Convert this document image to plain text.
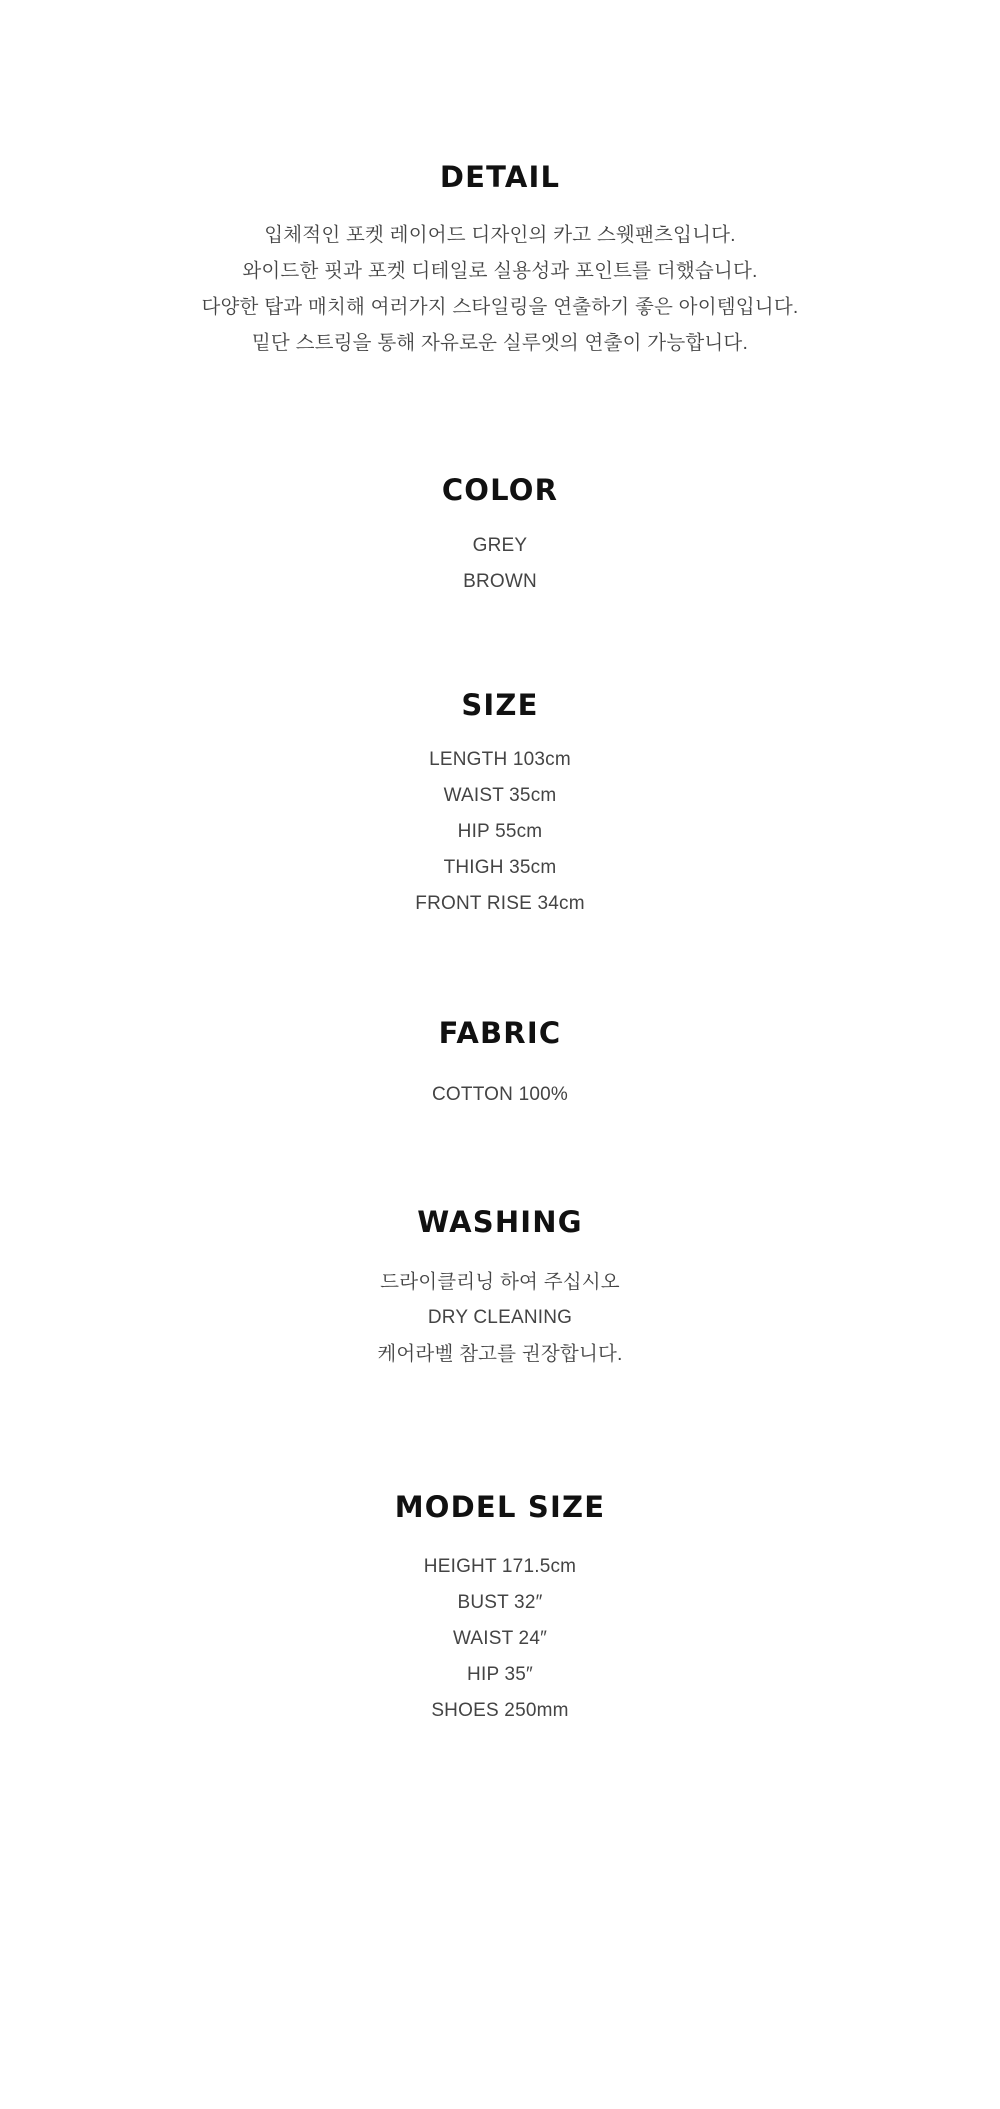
DETAIL
입체적인 포켓 레이어드 디자인의 카고 스웻팬츠입니다.
와이드한 핏과 포켓 디테일로 실용성과 포인트를 더했습니다.
다양한 탑과 매치해 여러가지 스타일링을 연출하기 좋은 아이템입니다.
밑단 스트링을 통해 자유로운 실루엣의 연출이 가능합니다.
COLOR
GREY
BROWN
SIZE
LENGTH 103cm
WAIST 35cm
HIP 55cm
THIGH 35cm
FRONT RISE 34cm
FABRIC
COTTON 100%
WASHING
드라이클리닝 하여 주십시오
DRY CLEANING
케어라벨 참고를 권장합니다.
MODEL SIZE
HEIGHT 171.5cm
BUST 32″
WAIST 24″
HIP 35″
SHOES 250mm
